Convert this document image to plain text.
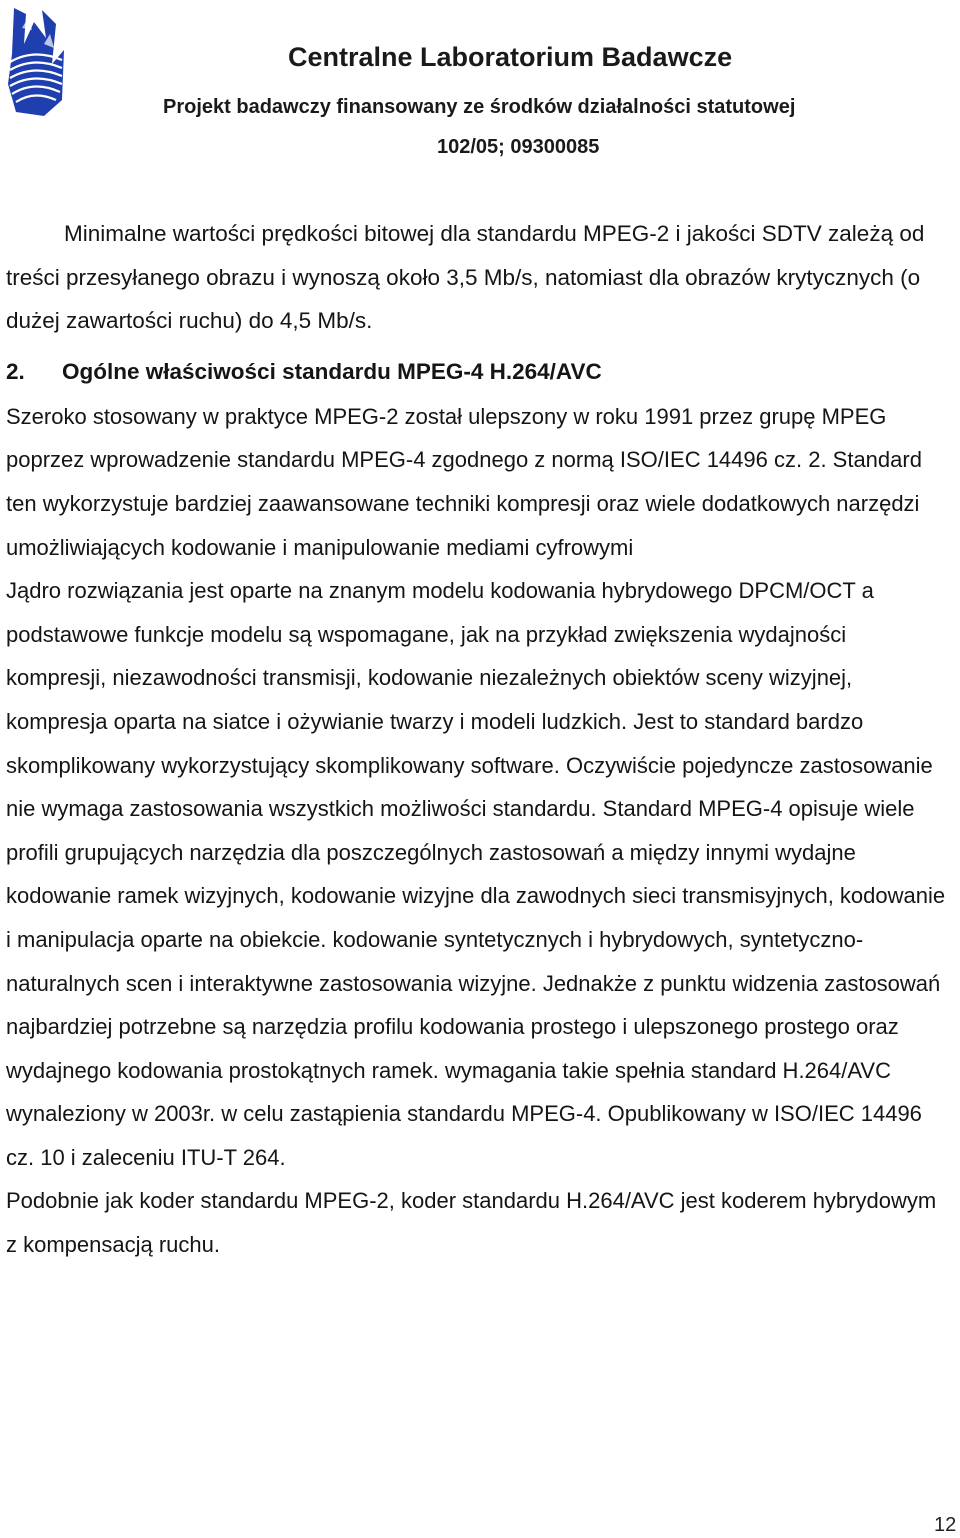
Centralne Laboratorium Badawcze
Projekt badawczy finansowany ze środków działalności statutowej
102/05; 09300085

Minimalne wartości prędkości bitowej dla standardu MPEG-2 i jakości SDTV zależą od treści przesyłanego obrazu i wynoszą około 3,5 Mb/s, natomiast dla obrazów krytycznych (o dużej zawartości ruchu) do 4,5 Mb/s.

2. Ogólne właściwości standardu MPEG-4 H.264/AVC

Szeroko stosowany w praktyce MPEG-2 został ulepszony w roku 1991 przez grupę MPEG poprzez wprowadzenie standardu MPEG-4 zgodnego z normą ISO/IEC 14496 cz. 2. Standard ten wykorzystuje bardziej zaawansowane techniki kompresji oraz wiele dodatkowych narzędzi umożliwiających kodowanie i manipulowanie mediami cyfrowymi

Jądro rozwiązania jest oparte na znanym modelu kodowania hybrydowego DPCM/OCT a podstawowe funkcje modelu są wspomagane, jak na przykład zwiększenia wydajności kompresji, niezawodności transmisji, kodowanie niezależnych obiektów sceny wizyjnej, kompresja oparta na siatce i ożywianie twarzy i modeli ludzkich. Jest to standard bardzo skomplikowany wykorzystujący skomplikowany software. Oczywiście pojedyncze zastosowanie nie wymaga zastosowania wszystkich możliwości standardu. Standard MPEG-4 opisuje wiele profili grupujących narzędzia dla poszczególnych zastosowań a między innymi wydajne kodowanie ramek wizyjnych, kodowanie wizyjne dla zawodnych sieci transmisyjnych, kodowanie i manipulacja oparte na obiekcie. kodowanie syntetycznych i hybrydowych, syntetyczno-naturalnych scen i interaktywne zastosowania wizyjne. Jednakże z punktu widzenia zastosowań najbardziej potrzebne są narzędzia profilu kodowania prostego i ulepszonego prostego oraz wydajnego kodowania prostokątnych ramek. wymagania takie spełnia standard H.264/AVC wynaleziony w 2003r. w celu zastąpienia standardu MPEG-4. Opublikowany w ISO/IEC 14496 cz. 10 i zaleceniu ITU-T 264.

Podobnie jak koder standardu MPEG-2, koder standardu H.264/AVC jest koderem hybrydowym z kompensacją ruchu.

12
